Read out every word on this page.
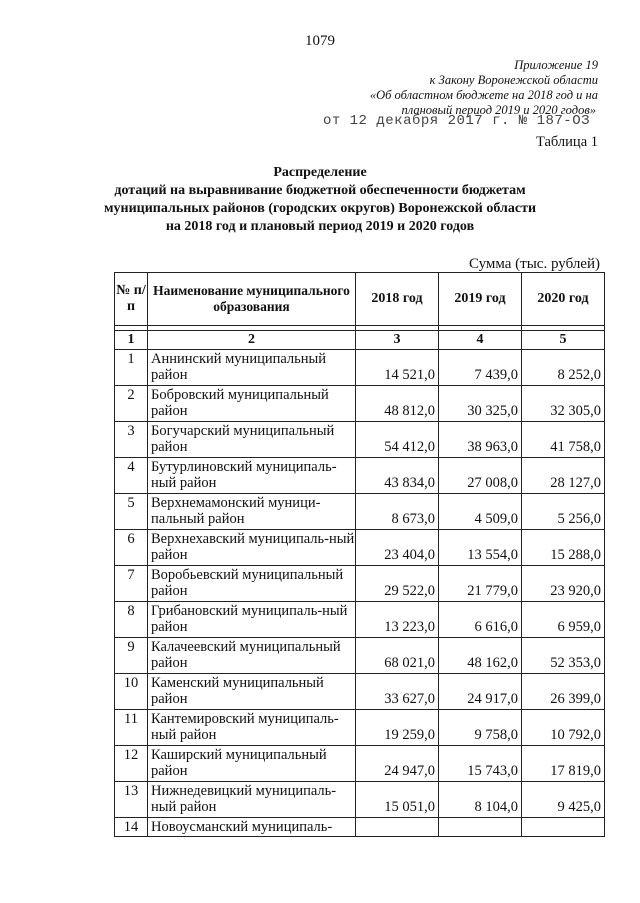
1079
Приложение 19
к Закону Воронежской области
«Об областном бюджете на 2018 год и на
плановый период 2019 и 2020 годов»
от 12 декабря 2017 г. № 187-ОЗ
Таблица 1
Распределение
дотаций на выравнивание бюджетной обеспеченности бюджетам
муниципальных районов (городских округов) Воронежской области
на 2018 год и плановый период 2019 и 2020 годов
Сумма (тыс. рублей)
№ п/п	Наименование муниципального образования	2018 год	2019 год	2020 год

1	2	3	4	5
1	Аннинский муниципальный район	14 521,0	7 439,0	8 252,0
2	Бобровский муниципальный район	48 812,0	30 325,0	32 305,0
3	Богучарский муниципальный район	54 412,0	38 963,0	41 758,0
4	Бутурлиновский муниципаль-ный район	43 834,0	27 008,0	28 127,0
5	Верхнемамонский муници-пальный район	8 673,0	4 509,0	5 256,0
6	Верхнехавский муниципаль-ный район	23 404,0	13 554,0	15 288,0
7	Воробьевский муниципальный район	29 522,0	21 779,0	23 920,0
8	Грибановский муниципаль-ный район	13 223,0	6 616,0	6 959,0
9	Калачеевский муниципальный район	68 021,0	48 162,0	52 353,0
10	Каменский муниципальный район	33 627,0	24 917,0	26 399,0
11	Кантемировский муниципаль-ный район	19 259,0	9 758,0	10 792,0
12	Каширский муниципальный район	24 947,0	15 743,0	17 819,0
13	Нижнедевицкий муниципаль-ный район	15 051,0	8 104,0	9 425,0
14	Новоусманский муниципаль-			
